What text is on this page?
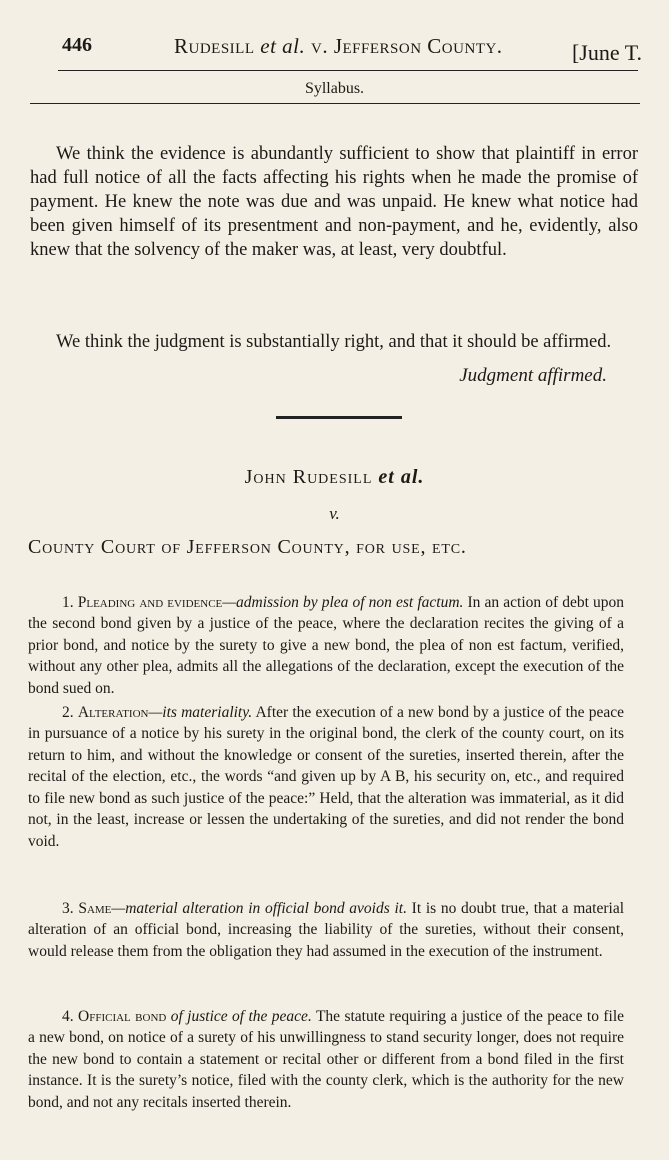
446	Rudesill et al. v. Jefferson County.	[June T.
Syllabus.

We think the evidence is abundantly sufficient to show that plaintiff in error had full notice of all the facts affecting his rights when he made the promise of payment. He knew the note was due and was unpaid. He knew what notice had been given himself of its presentment and non-payment, and he, evidently, also knew that the solvency of the maker was, at least, very doubtful.

We think the judgment is substantially right, and that it should be affirmed.

Judgment affirmed.
John Rudesill et al.
v.
County Court of Jefferson County, for use, etc.

1. Pleading and evidence—admission by plea of non est factum. In an action of debt upon the second bond given by a justice of the peace, where the declaration recites the giving of a prior bond, and notice by the surety to give a new bond, the plea of non est factum, verified, without any other plea, admits all the allegations of the declaration, except the execution of the bond sued on.

2. Alteration—its materiality. After the execution of a new bond by a justice of the peace in pursuance of a notice by his surety in the original bond, the clerk of the county court, on its return to him, and without the knowledge or consent of the sureties, inserted therein, after the recital of the election, etc., the words “and given up by A B, his security on, etc., and required to file new bond as such justice of the peace:” Held, that the alteration was immaterial, as it did not, in the least, increase or lessen the undertaking of the sureties, and did not render the bond void.

3. Same—material alteration in official bond avoids it. It is no doubt true, that a material alteration of an official bond, increasing the liability of the sureties, without their consent, would release them from the obligation they had assumed in the execution of the instrument.

4. Official bond of justice of the peace. The statute requiring a justice of the peace to file a new bond, on notice of a surety of his unwillingness to stand security longer, does not require the new bond to contain a statement or recital other or different from a bond filed in the first instance. It is the surety’s notice, filed with the county clerk, which is the authority for the new bond, and not any recitals inserted therein.
